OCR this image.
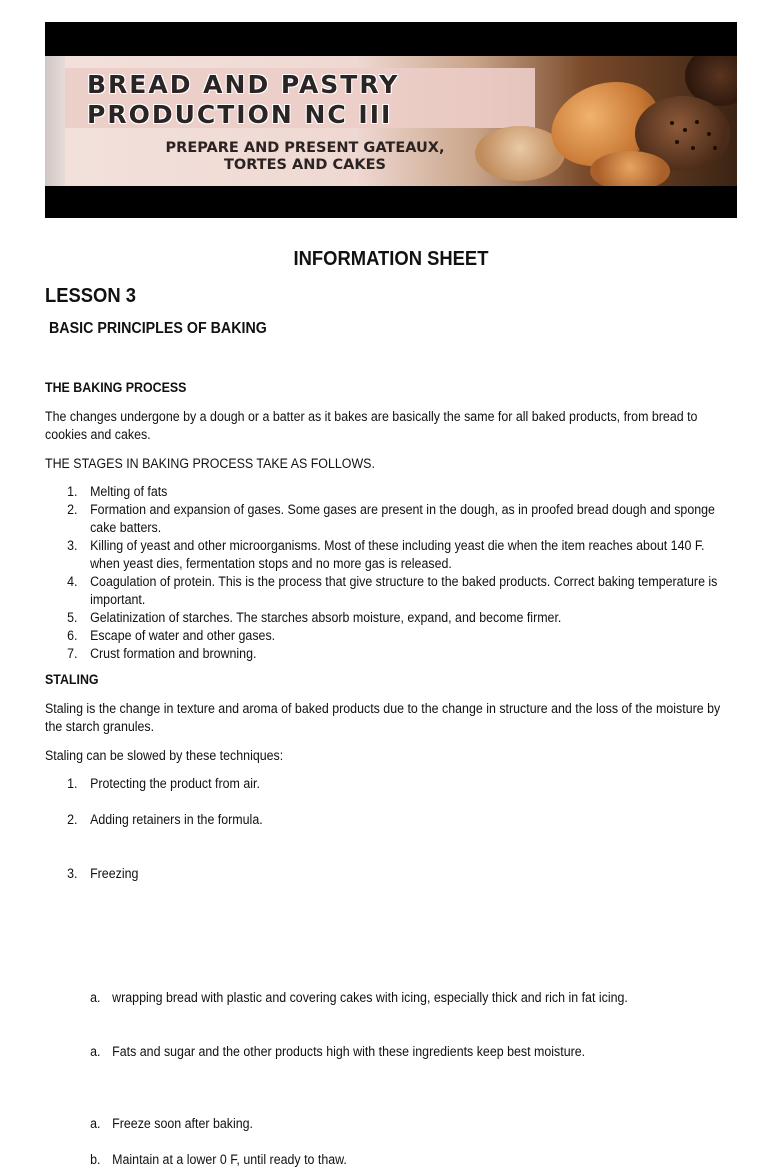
BREAD AND PASTRY
PRODUCTION NC III
PREPARE AND PRESENT GATEAUX,
TORTES AND CAKES
INFORMATION SHEET
LESSON 3
BASIC PRINCIPLES OF BAKING
THE BAKING PROCESS
The changes undergone by a dough or a batter as it bakes are basically the same for all baked products, from bread to
cookies and cakes.
THE STAGES IN BAKING PROCESS TAKE AS FOLLOWS.
1. Melting of fats
2. Formation and expansion of gases. Some gases are present in the dough, as in proofed bread dough and sponge
cake batters.
3. Killing of yeast and other microorganisms. Most of these including yeast die when the item reaches about 140 F.
when yeast dies, fermentation stops and no more gas is released.
4. Coagulation of protein. This is the process that give structure to the baked products. Correct baking temperature is
important.
5. Gelatinization of starches. The starches absorb moisture, expand, and become firmer.
6. Escape of water and other gases.
7. Crust formation and browning.
STALING
Staling is the change in texture and aroma of baked products due to the change in structure and the loss of the moisture by
the starch granules.
Staling can be slowed by these techniques:
1. Protecting the product from air.
a. wrapping bread with plastic and covering cakes with icing, especially thick and rich in fat icing.
2. Adding retainers in the formula.
a. Fats and sugar and the other products high with these ingredients keep best moisture.
3. Freezing
a. Freeze soon after baking.
b. Maintain at a lower 0 F, until ready to thaw.
